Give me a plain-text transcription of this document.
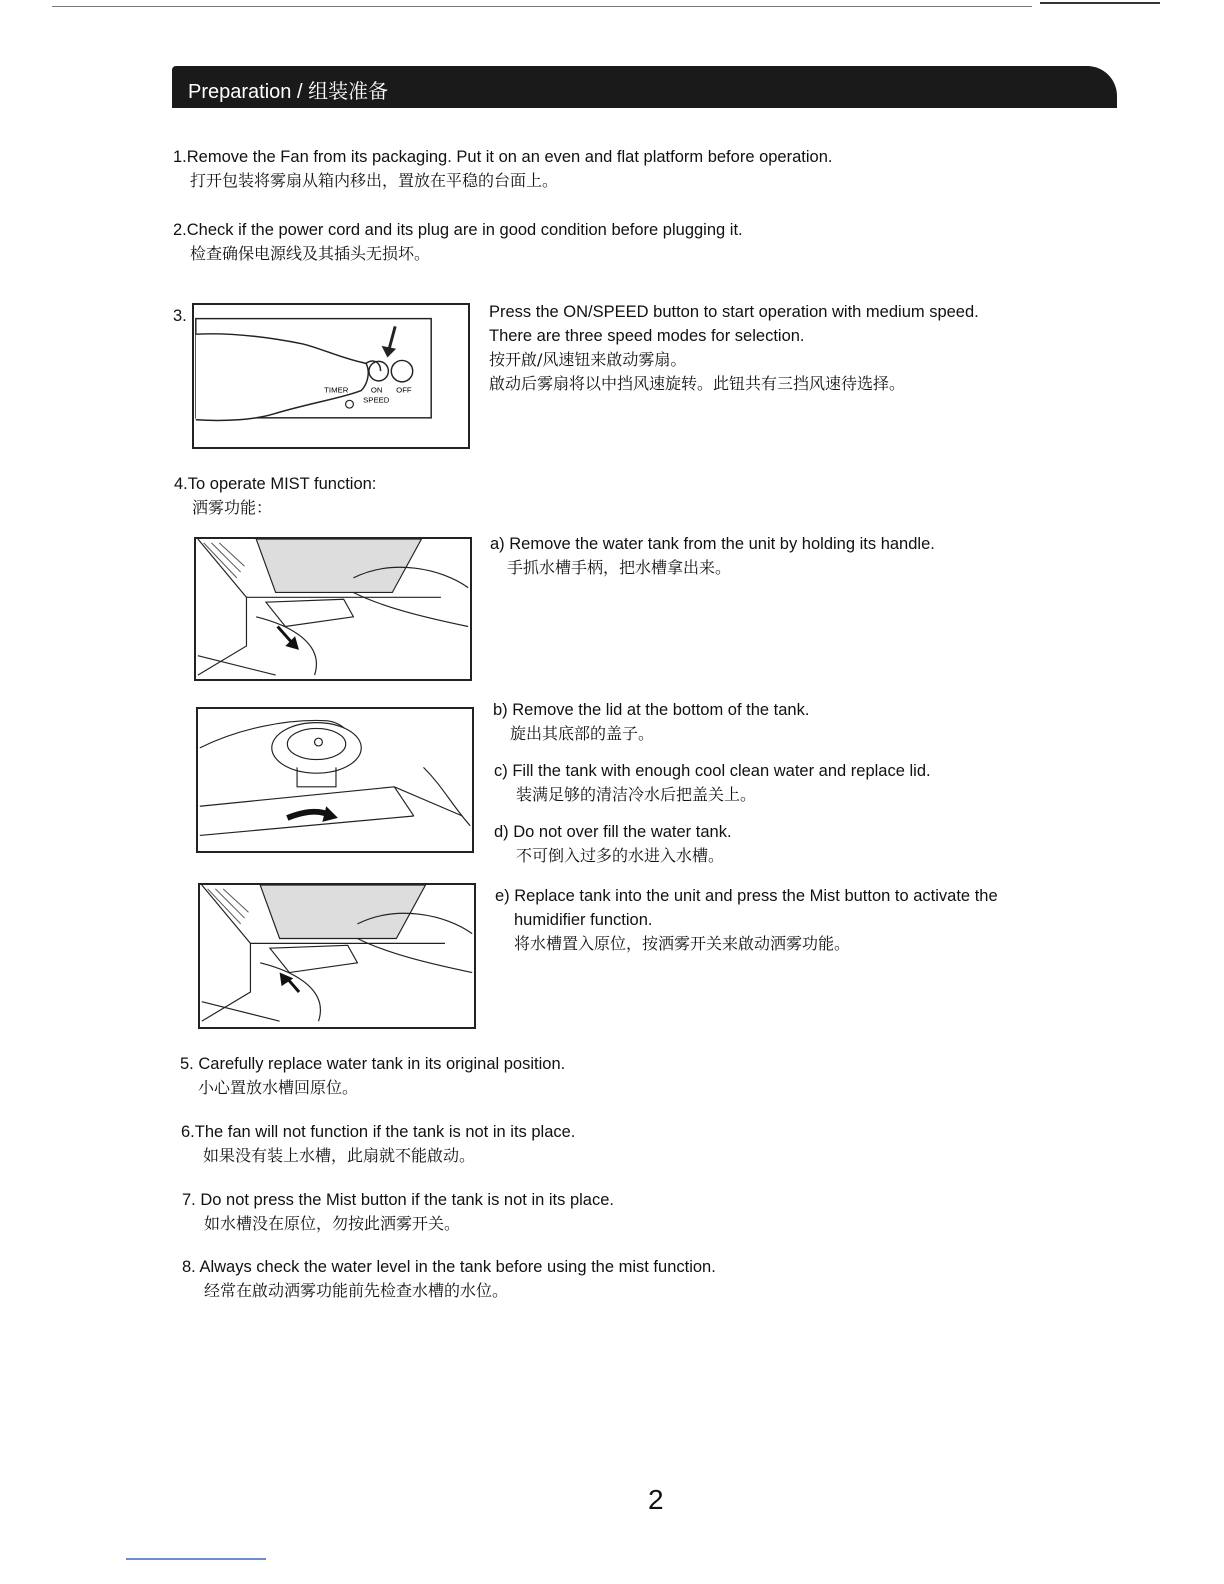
Preparation / 组装准备
1.Remove the Fan from its packaging. Put it on an even and flat platform before operation.
打开包装将雾扇从箱内移出，置放在平稳的台面上。
2.Check if the power cord and its plug are in good condition before plugging it.
检查确保电源线及其插头无损坏。
3.
TIMER	ON
SPEED
OFF
Press the ON/SPEED button to start operation with medium speed.
There are three speed modes for selection.
按开啟/风速钮来啟动雾扇。
啟动后雾扇将以中挡风速旋转。此钮共有三挡风速待选择。
4.To operate MIST function:
洒雾功能：
a) Remove the water tank from the unit by holding its handle.
手抓水槽手柄，把水槽拿出来。
b) Remove the lid at the bottom of the tank.
旋出其底部的盖子。
c) Fill the tank with enough cool clean water and replace lid.
装满足够的清洁冷水后把盖关上。
d) Do not over fill the water tank.
不可倒入过多的水进入水槽。
e) Replace tank into the unit and press the Mist button to activate the
humidifier function.
将水槽置入原位，按洒雾开关来啟动洒雾功能。
5. Carefully replace water tank in its original position.
小心置放水槽回原位。
6.The fan will not function if the tank is not in its place.
如果没有装上水槽，此扇就不能啟动。
7. Do not press the Mist button if the tank is not in its place.
如水槽没在原位，勿按此洒雾开关。
8. Always check the water level in the tank before using the mist function.
经常在啟动洒雾功能前先检查水槽的水位。
2
